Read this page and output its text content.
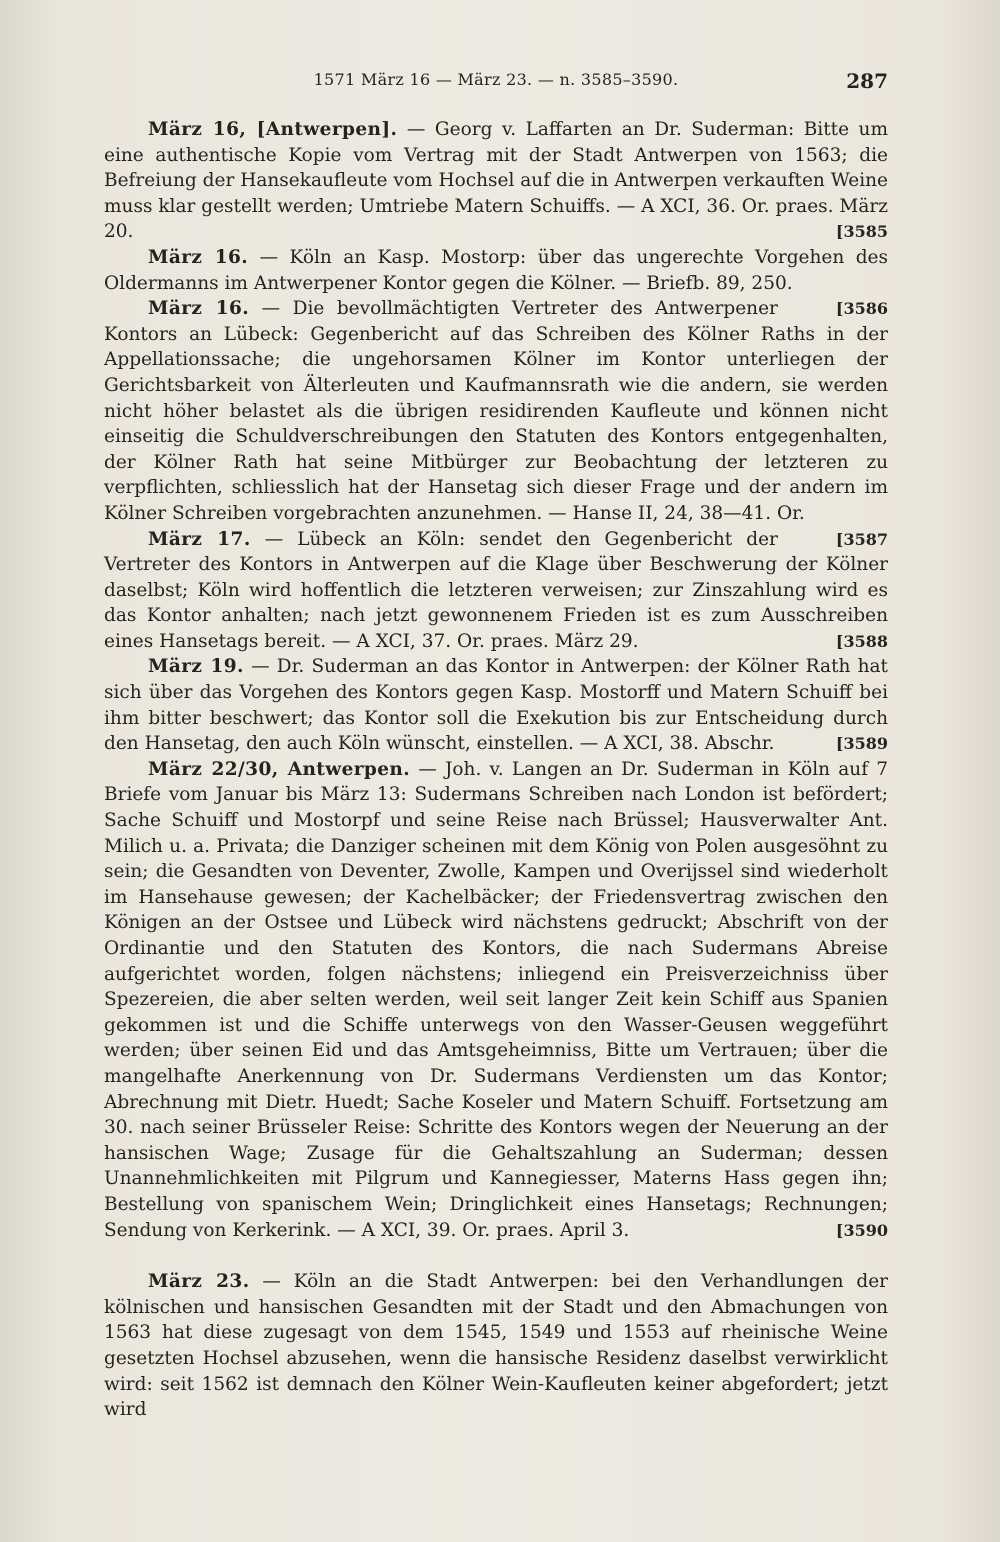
1571 März 16 — März 23. — n. 3585–3590.	287

März 16, [Antwerpen]. — Georg v. Laffarten an Dr. Suderman: Bitte um eine authentische Kopie vom Vertrag mit der Stadt Antwerpen von 1563; die Befreiung der Hansekaufleute vom Hochsel auf die in Antwerpen verkauften Weine muss klar gestellt werden; Umtriebe Matern Schuiffs. — A XCI, 36. Or. praes. März 20.	[3585

März 16. — Köln an Kasp. Mostorp: über das ungerechte Vorgehen des Oldermanns im Antwerpener Kontor gegen die Kölner. — Briefb. 89, 250.
[3586

März 16. — Die bevollmächtigten Vertreter des Antwerpener Kontors an Lübeck: Gegenbericht auf das Schreiben des Kölner Raths in der Appellationssache; die ungehorsamen Kölner im Kontor unterliegen der Gerichtsbarkeit von Älterleuten und Kaufmannsrath wie die andern, sie werden nicht höher belastet als die übrigen residirenden Kaufleute und können nicht einseitig die Schuldverschreibungen den Statuten des Kontors entgegenhalten, der Kölner Rath hat seine Mitbürger zur Beobachtung der letzteren zu verpflichten, schliesslich hat der Hansetag sich dieser Frage und der andern im Kölner Schreiben vorgebrachten anzunehmen. — Hanse II, 24, 38—41. Or.
[3587

März 17. — Lübeck an Köln: sendet den Gegenbericht der Vertreter des Kontors in Antwerpen auf die Klage über Beschwerung der Kölner daselbst; Köln wird hoffentlich die letzteren verweisen; zur Zinszahlung wird es das Kontor anhalten; nach jetzt gewonnenem Frieden ist es zum Ausschreiben eines Hansetags bereit. — A XCI, 37. Or. praes. März 29.	[3588

März 19. — Dr. Suderman an das Kontor in Antwerpen: der Kölner Rath hat sich über das Vorgehen des Kontors gegen Kasp. Mostorff und Matern Schuiff bei ihm bitter beschwert; das Kontor soll die Exekution bis zur Entscheidung durch den Hansetag, den auch Köln wünscht, einstellen. — A XCI, 38. Abschr.	[3589

März 22/30, Antwerpen. — Joh. v. Langen an Dr. Suderman in Köln auf 7 Briefe vom Januar bis März 13: Sudermans Schreiben nach London ist befördert; Sache Schuiff und Mostorpf und seine Reise nach Brüssel; Hausverwalter Ant. Milich u. a. Privata; die Danziger scheinen mit dem König von Polen ausgesöhnt zu sein; die Gesandten von Deventer, Zwolle, Kampen und Overijssel sind wiederholt im Hansehause gewesen; der Kachelbäcker; der Friedensvertrag zwischen den Königen an der Ostsee und Lübeck wird nächstens gedruckt; Abschrift von der Ordinantie und den Statuten des Kontors, die nach Sudermans Abreise aufgerichtet worden, folgen nächstens; inliegend ein Preisverzeichniss über Spezereien, die aber selten werden, weil seit langer Zeit kein Schiff aus Spanien gekommen ist und die Schiffe unterwegs von den Wasser-Geusen weggeführt werden; über seinen Eid und das Amtsgeheimniss, Bitte um Vertrauen; über die mangelhafte Anerkennung von Dr. Sudermans Verdiensten um das Kontor; Abrechnung mit Dietr. Huedt; Sache Koseler und Matern Schuiff. Fortsetzung am 30. nach seiner Brüsseler Reise: Schritte des Kontors wegen der Neuerung an der hansischen Wage; Zusage für die Gehaltszahlung an Suderman; dessen Unannehmlichkeiten mit Pilgrum und Kannegiesser, Materns Hass gegen ihn; Bestellung von spanischem Wein; Dringlichkeit eines Hansetags; Rechnungen; Sendung von Kerkerink. — A XCI, 39. Or. praes. April 3.	[3590

März 23. — Köln an die Stadt Antwerpen: bei den Verhandlungen der kölnischen und hansischen Gesandten mit der Stadt und den Abmachungen von 1563 hat diese zugesagt von dem 1545, 1549 und 1553 auf rheinische Weine gesetzten Hochsel abzusehen, wenn die hansische Residenz daselbst verwirklicht wird: seit 1562 ist demnach den Kölner Wein-Kaufleuten keiner abgefordert; jetzt wird
